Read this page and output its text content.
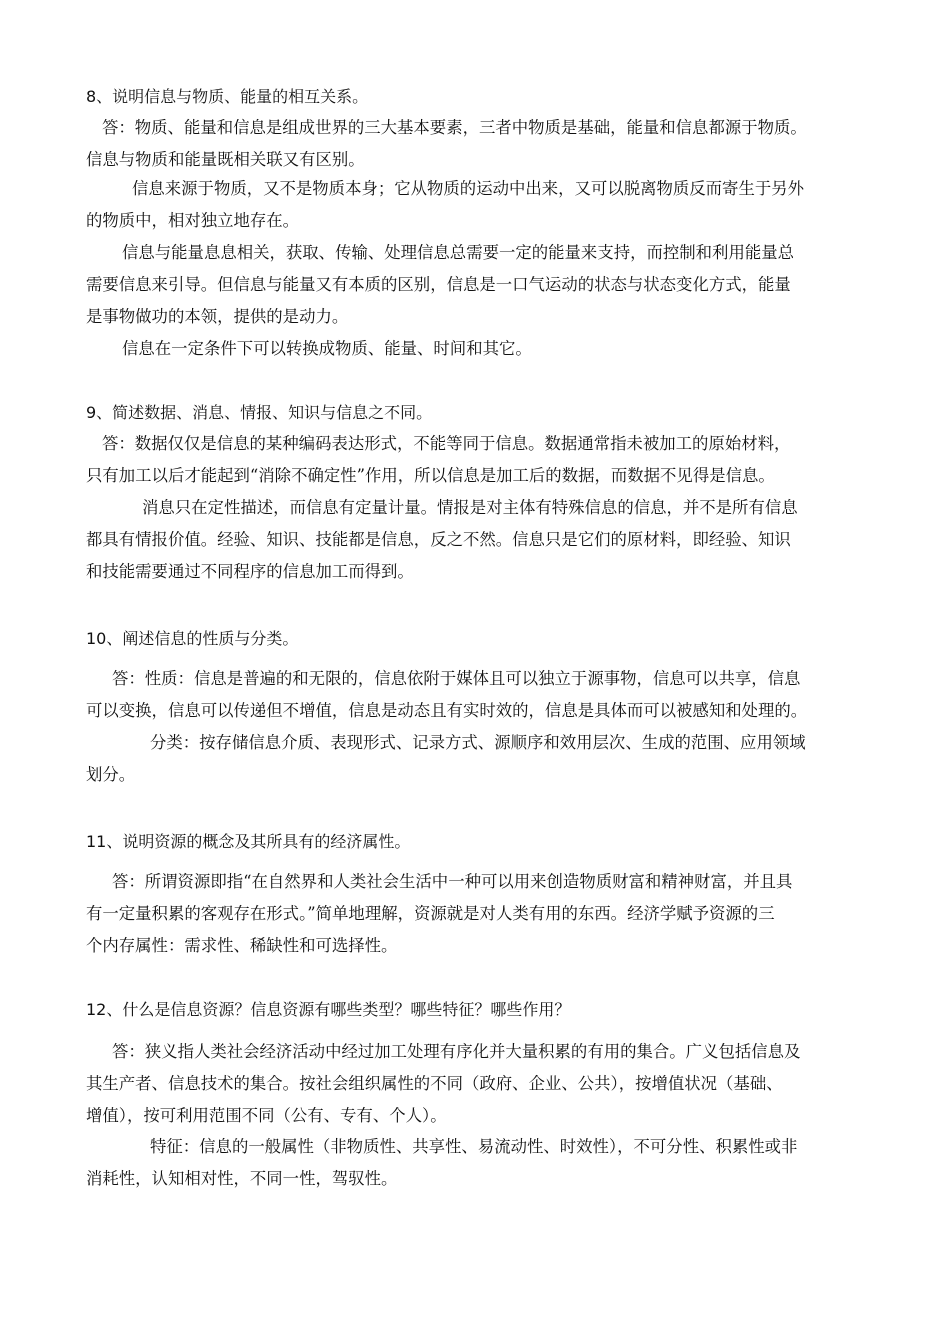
8、说明信息与物质、能量的相互关系。
答：物质、能量和信息是组成世界的三大基本要素，三者中物质是基础，能量和信息都源于物质。
信息与物质和能量既相关联又有区别。
信息来源于物质，又不是物质本身；它从物质的运动中出来，又可以脱离物质反而寄生于另外
的物质中，相对独立地存在。
信息与能量息息相关，获取、传输、处理信息总需要一定的能量来支持，而控制和利用能量总
需要信息来引导。但信息与能量又有本质的区别，信息是一口气运动的状态与状态变化方式，能量
是事物做功的本领，提供的是动力。
信息在一定条件下可以转换成物质、能量、时间和其它。
9、简述数据、消息、情报、知识与信息之不同。
答：数据仅仅是信息的某种编码表达形式，不能等同于信息。数据通常指未被加工的原始材料，
只有加工以后才能起到“消除不确定性”作用，所以信息是加工后的数据，而数据不见得是信息。
消息只在定性描述，而信息有定量计量。情报是对主体有特殊信息的信息，并不是所有信息
都具有情报价值。经验、知识、技能都是信息，反之不然。信息只是它们的原材料，即经验、知识
和技能需要通过不同程序的信息加工而得到。
10、阐述信息的性质与分类。
答：性质：信息是普遍的和无限的，信息依附于媒体且可以独立于源事物，信息可以共享，信息
可以变换，信息可以传递但不增值，信息是动态且有实时效的，信息是具体而可以被感知和处理的。
分类：按存储信息介质、表现形式、记录方式、源顺序和效用层次、生成的范围、应用领域
划分。
11、说明资源的概念及其所具有的经济属性。
答：所谓资源即指“在自然界和人类社会生活中一种可以用来创造物质财富和精神财富，并且具
有一定量积累的客观存在形式。”简单地理解，资源就是对人类有用的东西。经济学赋予资源的三
个内存属性：需求性、稀缺性和可选择性。
12、什么是信息资源？信息资源有哪些类型？哪些特征？哪些作用？
答：狭义指人类社会经济活动中经过加工处理有序化并大量积累的有用的集合。广义包括信息及
其生产者、信息技术的集合。按社会组织属性的不同（政府、企业、公共），按增值状况（基础、
增值），按可利用范围不同（公有、专有、个人）。
特征：信息的一般属性（非物质性、共享性、易流动性、时效性），不可分性、积累性或非
消耗性，认知相对性，不同一性，驾驭性。
